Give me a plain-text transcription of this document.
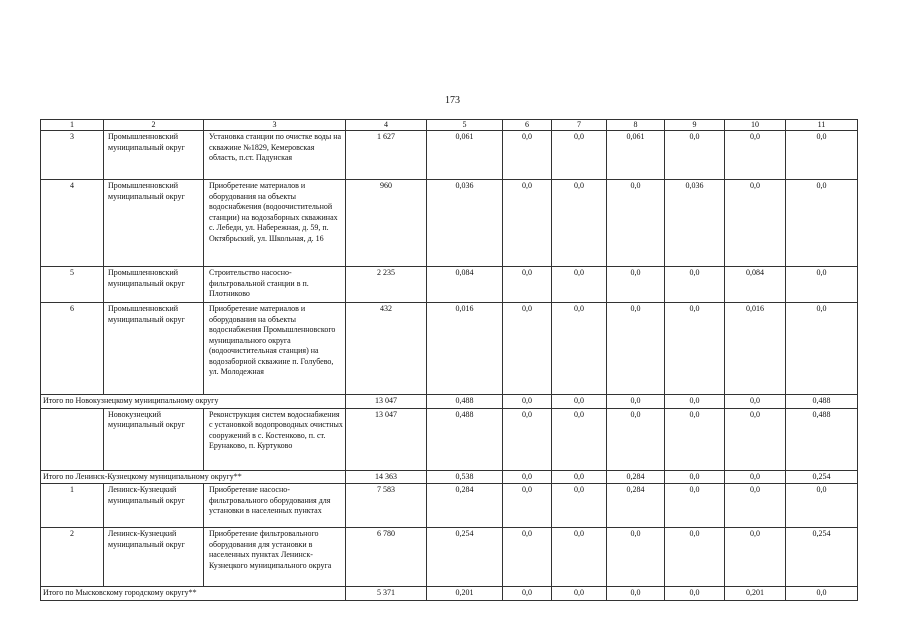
173
1	2	3	4	5	6	7	8	9	10	11
3	Промышленновский муниципальный округ	Установка станции по очистке воды на скважине №1829, Кемеровская область, п.ст. Падунская	1 627	0,061	0,0	0,0	0,061	0,0	0,0	0,0
4	Промышленновский муниципальный округ	Приобретение материалов и оборудования на объекты водоснабжения (водоочистительной станции) на водозаборных скважинах с. Лебеди, ул. Набережная, д. 59, п. Октябрьский, ул. Школьная, д. 16	960	0,036	0,0	0,0	0,0	0,036	0,0	0,0
5	Промышленновский муниципальный округ	Строительство насосно-фильтровальной станции в п. Плотниково	2 235	0,084	0,0	0,0	0,0	0,0	0,084	0,0
6	Промышленновский муниципальный округ	Приобретение материалов и оборудования на объекты водоснабжения Промышленновского муниципального округа (водоочистительная станция) на водозаборной скважине п. Голубево, ул. Молодежная	432	0,016	0,0	0,0	0,0	0,0	0,016	0,0
Итого по Новокузнецкому муниципальному округу			13 047	0,488	0,0	0,0	0,0	0,0	0,0	0,488
	Новокузнецкий муниципальный округ	Реконструкция систем водоснабжения с установкой водопроводных очистных сооружений в с. Костенково, п. ст. Ерунаково, п. Куртуково	13 047	0,488	0,0	0,0	0,0	0,0	0,0	0,488
Итого по Ленинск-Кузнецкому муниципальному округу**			14 363	0,538	0,0	0,0	0,284	0,0	0,0	0,254
1	Ленинск-Кузнецкий муниципальный округ	Приобретение насосно-фильтровального оборудования для установки в населенных пунктах	7 583	0,284	0,0	0,0	0,284	0,0	0,0	0,0
2	Ленинск-Кузнецкий муниципальный округ	Приобретение фильтровального оборудования для установки в населенных пунктах Ленинск-Кузнецкого муниципального округа	6 780	0,254	0,0	0,0	0,0	0,0	0,0	0,254
Итого по Мысковскому городскому округу**			5 371	0,201	0,0	0,0	0,0	0,0	0,201	0,0
